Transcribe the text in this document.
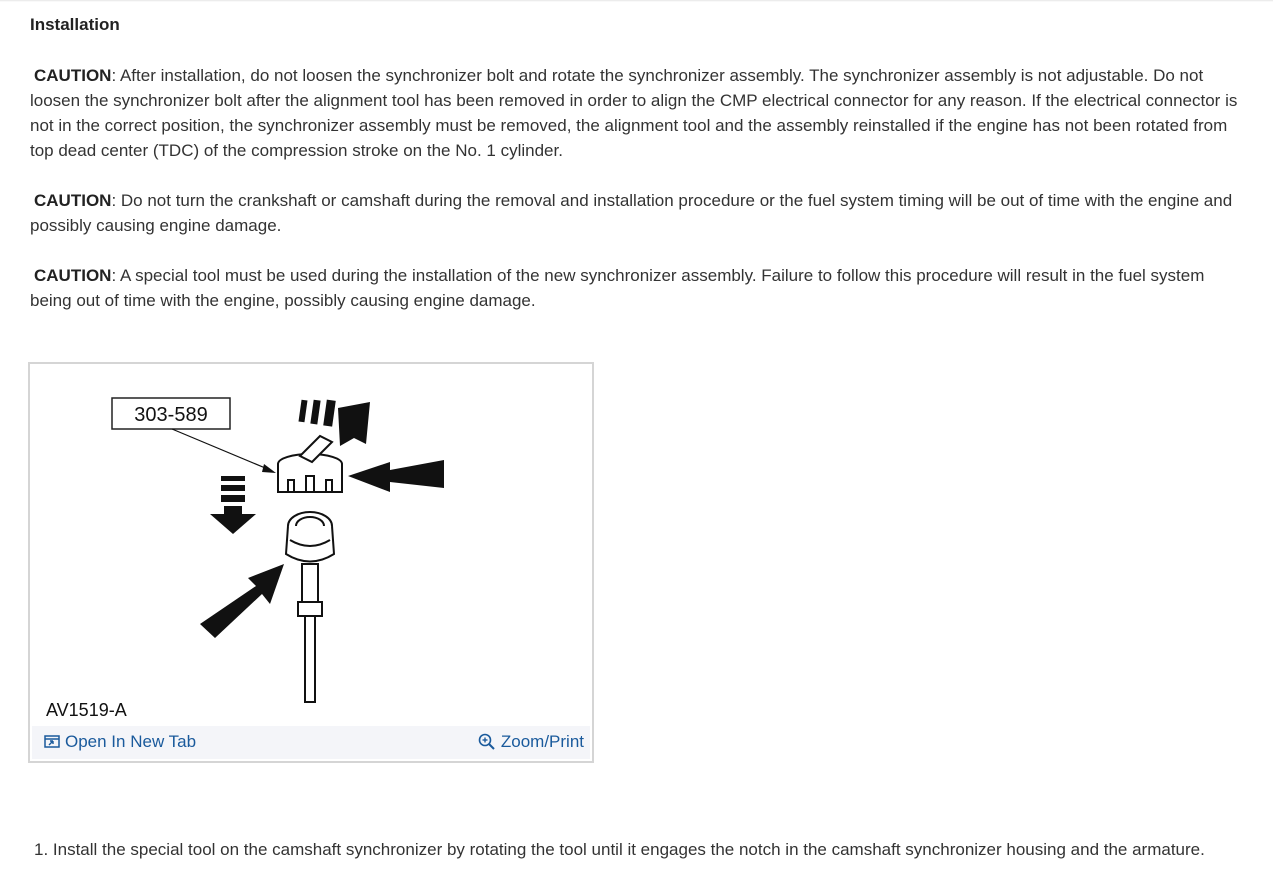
Installation

CAUTION: After installation, do not loosen the synchronizer bolt and rotate the synchronizer assembly. The synchronizer assembly is not adjustable. Do not loosen the synchronizer bolt after the alignment tool has been removed in order to align the CMP electrical connector for any reason. If the electrical connector is not in the correct position, the synchronizer assembly must be removed, the alignment tool and the assembly reinstalled if the engine has not been rotated from top dead center (TDC) of the compression stroke on the No. 1 cylinder.

CAUTION: Do not turn the crankshaft or camshaft during the removal and installation procedure or the fuel system timing will be out of time with the engine and possibly causing engine damage.

CAUTION: A special tool must be used during the installation of the new synchronizer assembly. Failure to follow this procedure will result in the fuel system being out of time with the engine, possibly causing engine damage.

303-589
AV1519-A
Open In New Tab	Zoom/Print

1. Install the special tool on the camshaft synchronizer by rotating the tool until it engages the notch in the camshaft synchronizer housing and the armature.
